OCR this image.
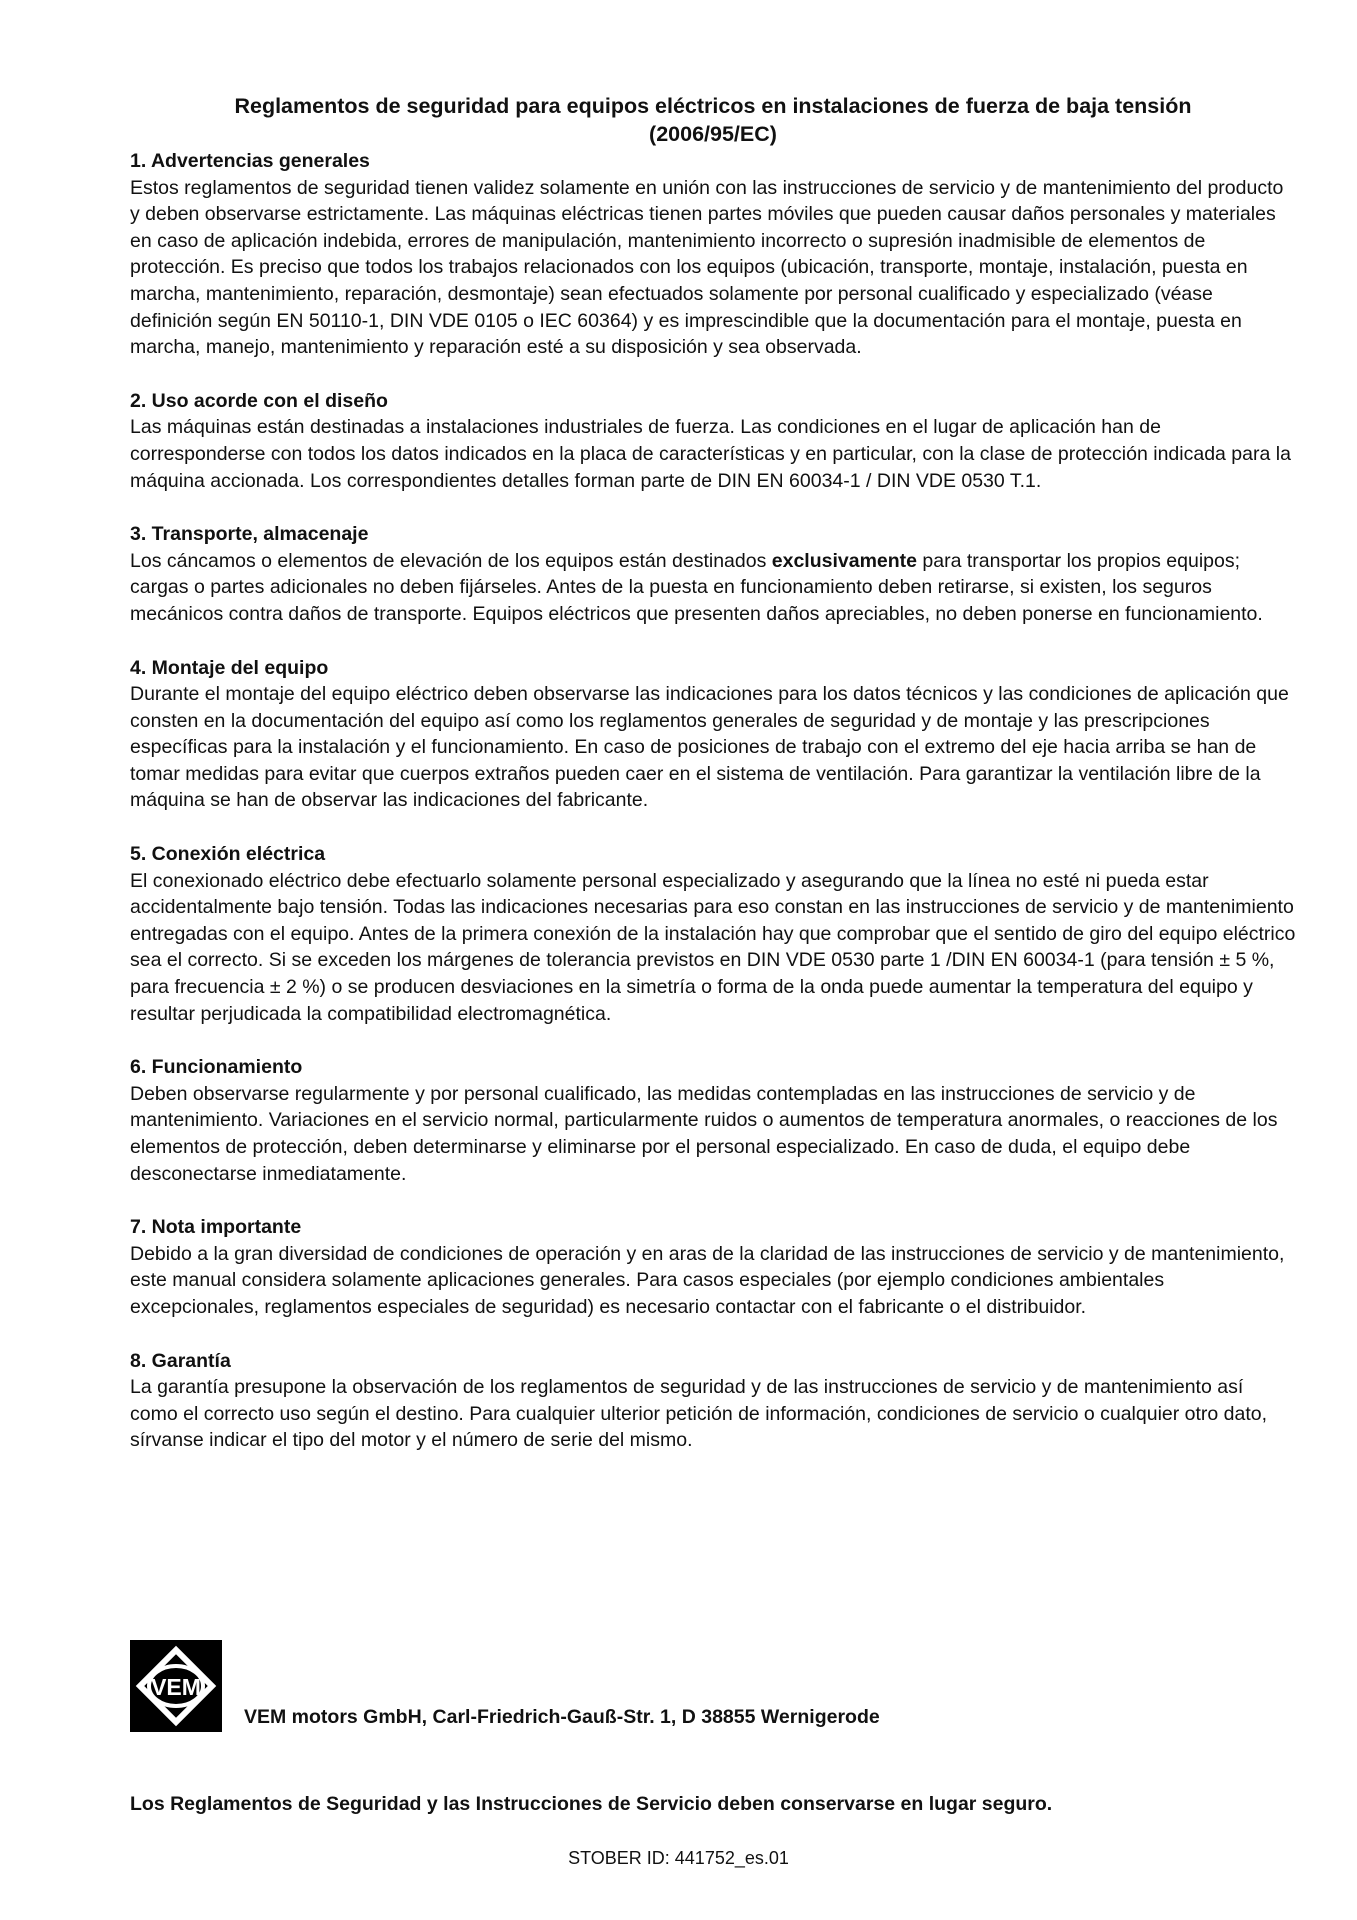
Reglamentos de seguridad para equipos eléctricos en instalaciones de fuerza de baja tensión
(2006/95/EC)

1. Advertencias generales

Estos reglamentos de seguridad tienen validez solamente en unión con las instrucciones de servicio y de mantenimiento del producto y deben observarse estrictamente. Las máquinas eléctricas tienen partes móviles que pueden causar daños personales y materiales en caso de aplicación indebida, errores de manipulación, mantenimiento incorrecto o supresión inadmisible de elementos de protección. Es preciso que todos los trabajos relacionados con los equipos (ubicación, transporte, montaje, instalación, puesta en marcha, mantenimiento, reparación, desmontaje) sean efectuados solamente por personal cualificado y especializado (véase definición según EN 50110-1, DIN VDE 0105 o IEC 60364) y es imprescindible que la documentación para el montaje, puesta en marcha, manejo, mantenimiento y reparación esté a su disposición y sea observada.

2. Uso acorde con el diseño

Las máquinas están destinadas a instalaciones industriales de fuerza. Las condiciones en el lugar de aplicación han de corresponderse con todos los datos indicados en la placa de características y en particular, con la clase de protección indicada para la máquina accionada. Los correspondientes detalles forman parte de DIN EN 60034-1 / DIN VDE 0530 T.1.

3. Transporte, almacenaje

Los cáncamos o elementos de elevación de los equipos están destinados exclusivamente para transportar los propios equipos; cargas o partes adicionales no deben fijárseles. Antes de la puesta en funcionamiento deben retirarse, si existen, los seguros mecánicos contra daños de transporte. Equipos eléctricos que presenten daños apreciables, no deben ponerse en funcionamiento.

4. Montaje del equipo

Durante el montaje del equipo eléctrico deben observarse las indicaciones para los datos técnicos y las condiciones de aplicación que consten en la documentación del equipo así como los reglamentos generales de seguridad y de montaje y las prescripciones específicas para la instalación y el funcionamiento. En caso de posiciones de trabajo con el extremo del eje hacia arriba se han de tomar medidas para evitar que cuerpos extraños pueden caer en el sistema de ventilación. Para garantizar la ventilación libre de la máquina se han de observar las indicaciones del fabricante.

5. Conexión eléctrica

El conexionado eléctrico debe efectuarlo solamente personal especializado y asegurando que la línea no esté ni pueda estar accidentalmente bajo tensión. Todas las indicaciones necesarias para eso constan en las instrucciones de servicio y de mantenimiento entregadas con el equipo. Antes de la primera conexión de la instalación hay que comprobar que el sentido de giro del equipo eléctrico sea el correcto. Si se exceden los márgenes de tolerancia previstos en DIN VDE 0530 parte 1 /DIN EN 60034-1 (para tensión ± 5 %, para frecuencia ± 2 %) o se producen desviaciones en la simetría o forma de la onda puede aumentar la temperatura del equipo y resultar perjudicada la compatibilidad electromagnética.

6. Funcionamiento

Deben observarse regularmente y por personal cualificado, las medidas contempladas en las instrucciones de servicio y de mantenimiento. Variaciones en el servicio normal, particularmente ruidos o aumentos de temperatura anormales, o reacciones de los elementos de protección, deben determinarse y eliminarse por el personal especializado. En caso de duda, el equipo debe desconectarse inmediatamente.

7. Nota importante

Debido a la gran diversidad de condiciones de operación y en aras de la claridad de las instrucciones de servicio y de mantenimiento, este manual considera solamente aplicaciones generales. Para casos especiales (por ejemplo condiciones ambientales excepcionales, reglamentos especiales de seguridad) es necesario contactar con el fabricante o el distribuidor.

8. Garantía

La garantía presupone la observación de los reglamentos de seguridad y de las instrucciones de servicio y de mantenimiento así como el correcto uso según el destino. Para cualquier ulterior petición de información, condiciones de servicio o cualquier otro dato, sírvanse indicar el tipo del motor y el número de serie del mismo.

VEM
VEM motors GmbH, Carl-Friedrich-Gauß-Str. 1, D 38855 Wernigerode
Los Reglamentos de Seguridad y las Instrucciones de Servicio deben conservarse en lugar seguro.
STOBER ID: 441752_es.01
